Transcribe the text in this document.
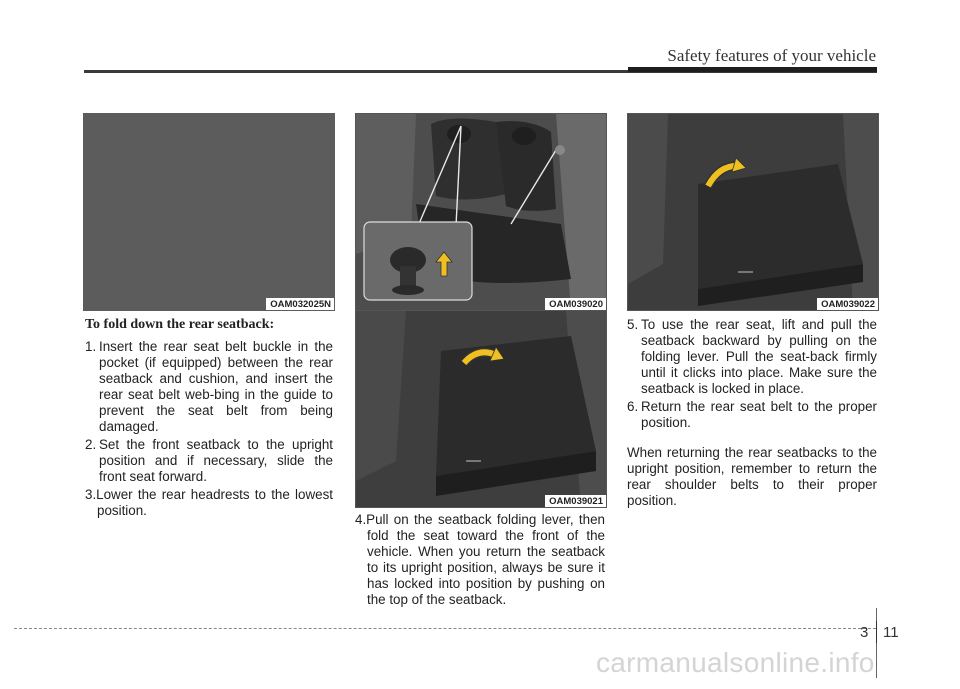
Safety features of your vehicle
OAM032025N	OAM039020
OAM039021
OAM039022

To fold down the rear seatback:

1. Insert the rear seat belt buckle in the pocket (if equipped) between the rear seatback and cushion, and insert the rear seat belt web-bing in the guide to prevent the seat belt from being damaged.

2. Set the front seatback to the upright position and if necessary, slide the front seat forward.

3.Lower the rear headrests to the lowest position.

4.Pull on the seatback folding lever, then fold the seat toward the front of the vehicle. When you return the seatback to its upright position, always be sure it has locked into position by pushing on the top of the seatback.

5. To use the rear seat, lift and pull the seatback backward by pulling on the folding lever. Pull the seat-back firmly until it clicks into place. Make sure the seatback is locked in place.

6. Return the rear seat belt to the proper position.

When returning the rear seatbacks to the upright position, remember to return the rear shoulder belts to their proper position.

3 11
carmanualsonline.info
